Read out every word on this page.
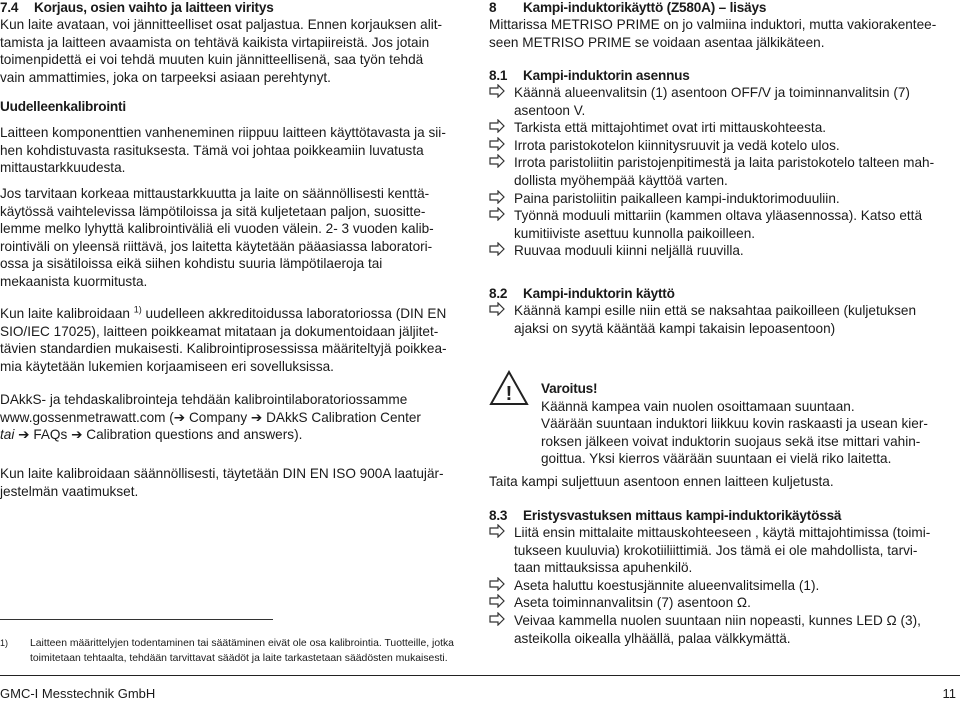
7.4 Korjaus, osien vaihto ja laitteen viritys

Kun laite avataan, voi jännitteelliset osat paljastua. Ennen korjauksen alit-

tamista ja laitteen avaamista on tehtävä kaikista virtapiireistä. Jos jotain

toimenpidettä ei voi tehdä muuten kuin jännitteellisenä, saa työn tehdä

vain ammattimies, joka on tarpeeksi asiaan perehtynyt.

Uudelleenkalibrointi

Laitteen komponenttien vanheneminen riippuu laitteen käyttötavasta ja sii-

hen kohdistuvasta rasituksesta. Tämä voi johtaa poikkeamiin luvatusta

mittaustarkkuudesta.

Jos tarvitaan korkeaa mittaustarkkuutta ja laite on säännöllisesti kenttä-

käytössä vaihtelevissa lämpötiloissa ja sitä kuljetetaan paljon, suositte-

lemme melko lyhyttä kalibrointiväliä eli vuoden välein. 2- 3 vuoden kalib-

rointiväli on yleensä riittävä, jos laitetta käytetään pääasiassa laboratori-

ossa ja sisätiloissa eikä siihen kohdistu suuria lämpötilaeroja tai

mekaanista kuormitusta.

Kun laite kalibroidaan $^{1)}$ uudelleen akkreditoidussa laboratoriossa (DIN EN

SIO/IEC 17025), laitteen poikkeamat mitataan ja dokumentoidaan jäljitet-

tävien standardien mukaisesti. Kalibrointiprosessissa määriteltyjä poikkea-

mia käytetään lukemien korjaamiseen eri sovelluksissa.

DAkkS- ja tehdaskalibrointeja tehdään kalibrointilaboratoriossamme

www.gossenmetrawatt.com (➔ Company ➔ DAkkS Calibration Center

tai ➔ FAQs ➔ Calibration questions and answers).

Kun laite kalibroidaan säännöllisesti, täytetään DIN EN ISO 900A laatujär-

jestelmän vaatimukset.

1)	Laitteen määrittelyjen todentaminen tai säätäminen eivät ole osa kalibrointia. Tuotteille, jotka

toimitetaan tehtaalta, tehdään tarvittavat säädöt ja laite tarkastetaan säädösten mukaisesti.

8 Kampi-induktorikäyttö (Z580A) – lisäys

Mittarissa METRISO PRIME on jo valmiina induktori, mutta vakiorakentee-

seen METRISO PRIME se voidaan asentaa jälkikäteen.

8.1 Kampi-induktorin asennus

Käännä alueenvalitsin (1) asentoon OFF/V ja toiminnanvalitsin (7)

asentoon V.

Tarkista että mittajohtimet ovat irti mittauskohteesta.

Irrota paristokotelon kiinnitysruuvit ja vedä kotelo ulos.

Irrota paristoliitin paristojenpitimestä ja laita paristokotelo talteen mah-

dollista myöhempää käyttöä varten.

Paina paristoliitin paikalleen kampi-induktorimoduuliin.

Työnnä moduuli mittariin (kammen oltava yläasennossa). Katso että

kumitiiviste asettuu kunnolla paikoilleen.

Ruuvaa moduuli kiinni neljällä ruuvilla.

8.2 Kampi-induktorin käyttö

Käännä kampi esille niin että se naksahtaa paikoilleen (kuljetuksen

ajaksi on syytä kääntää kampi takaisin lepoasentoon)

! Varoitus!

Käännä kampea vain nuolen osoittamaan suuntaan.

Väärään suuntaan induktori liikkuu kovin raskaasti ja usean kier-

roksen jälkeen voivat induktorin suojaus sekä itse mittari vahin-

goittua. Yksi kierros väärään suuntaan ei vielä riko laitetta.

Taita kampi suljettuun asentoon ennen laitteen kuljetusta.

8.3 Eristysvastuksen mittaus kampi-induktorikäytössä

Liitä ensin mittalaite mittauskohteeseen , käytä mittajohtimissa (toimi-

tukseen kuuluvia) krokotiiliittimiä. Jos tämä ei ole mahdollista, tarvi-

taan mittauksissa apuhenkilö.

Aseta haluttu koestusjännite alueenvalitsimella (1).

Aseta toiminnanvalitsin (7) asentoon Ω.

Veivaa kammella nuolen suuntaan niin nopeasti, kunnes LED Ω (3),

asteikolla oikealla ylhäällä, palaa välkkymättä.

GMC-I Messtechnik GmbH	11
